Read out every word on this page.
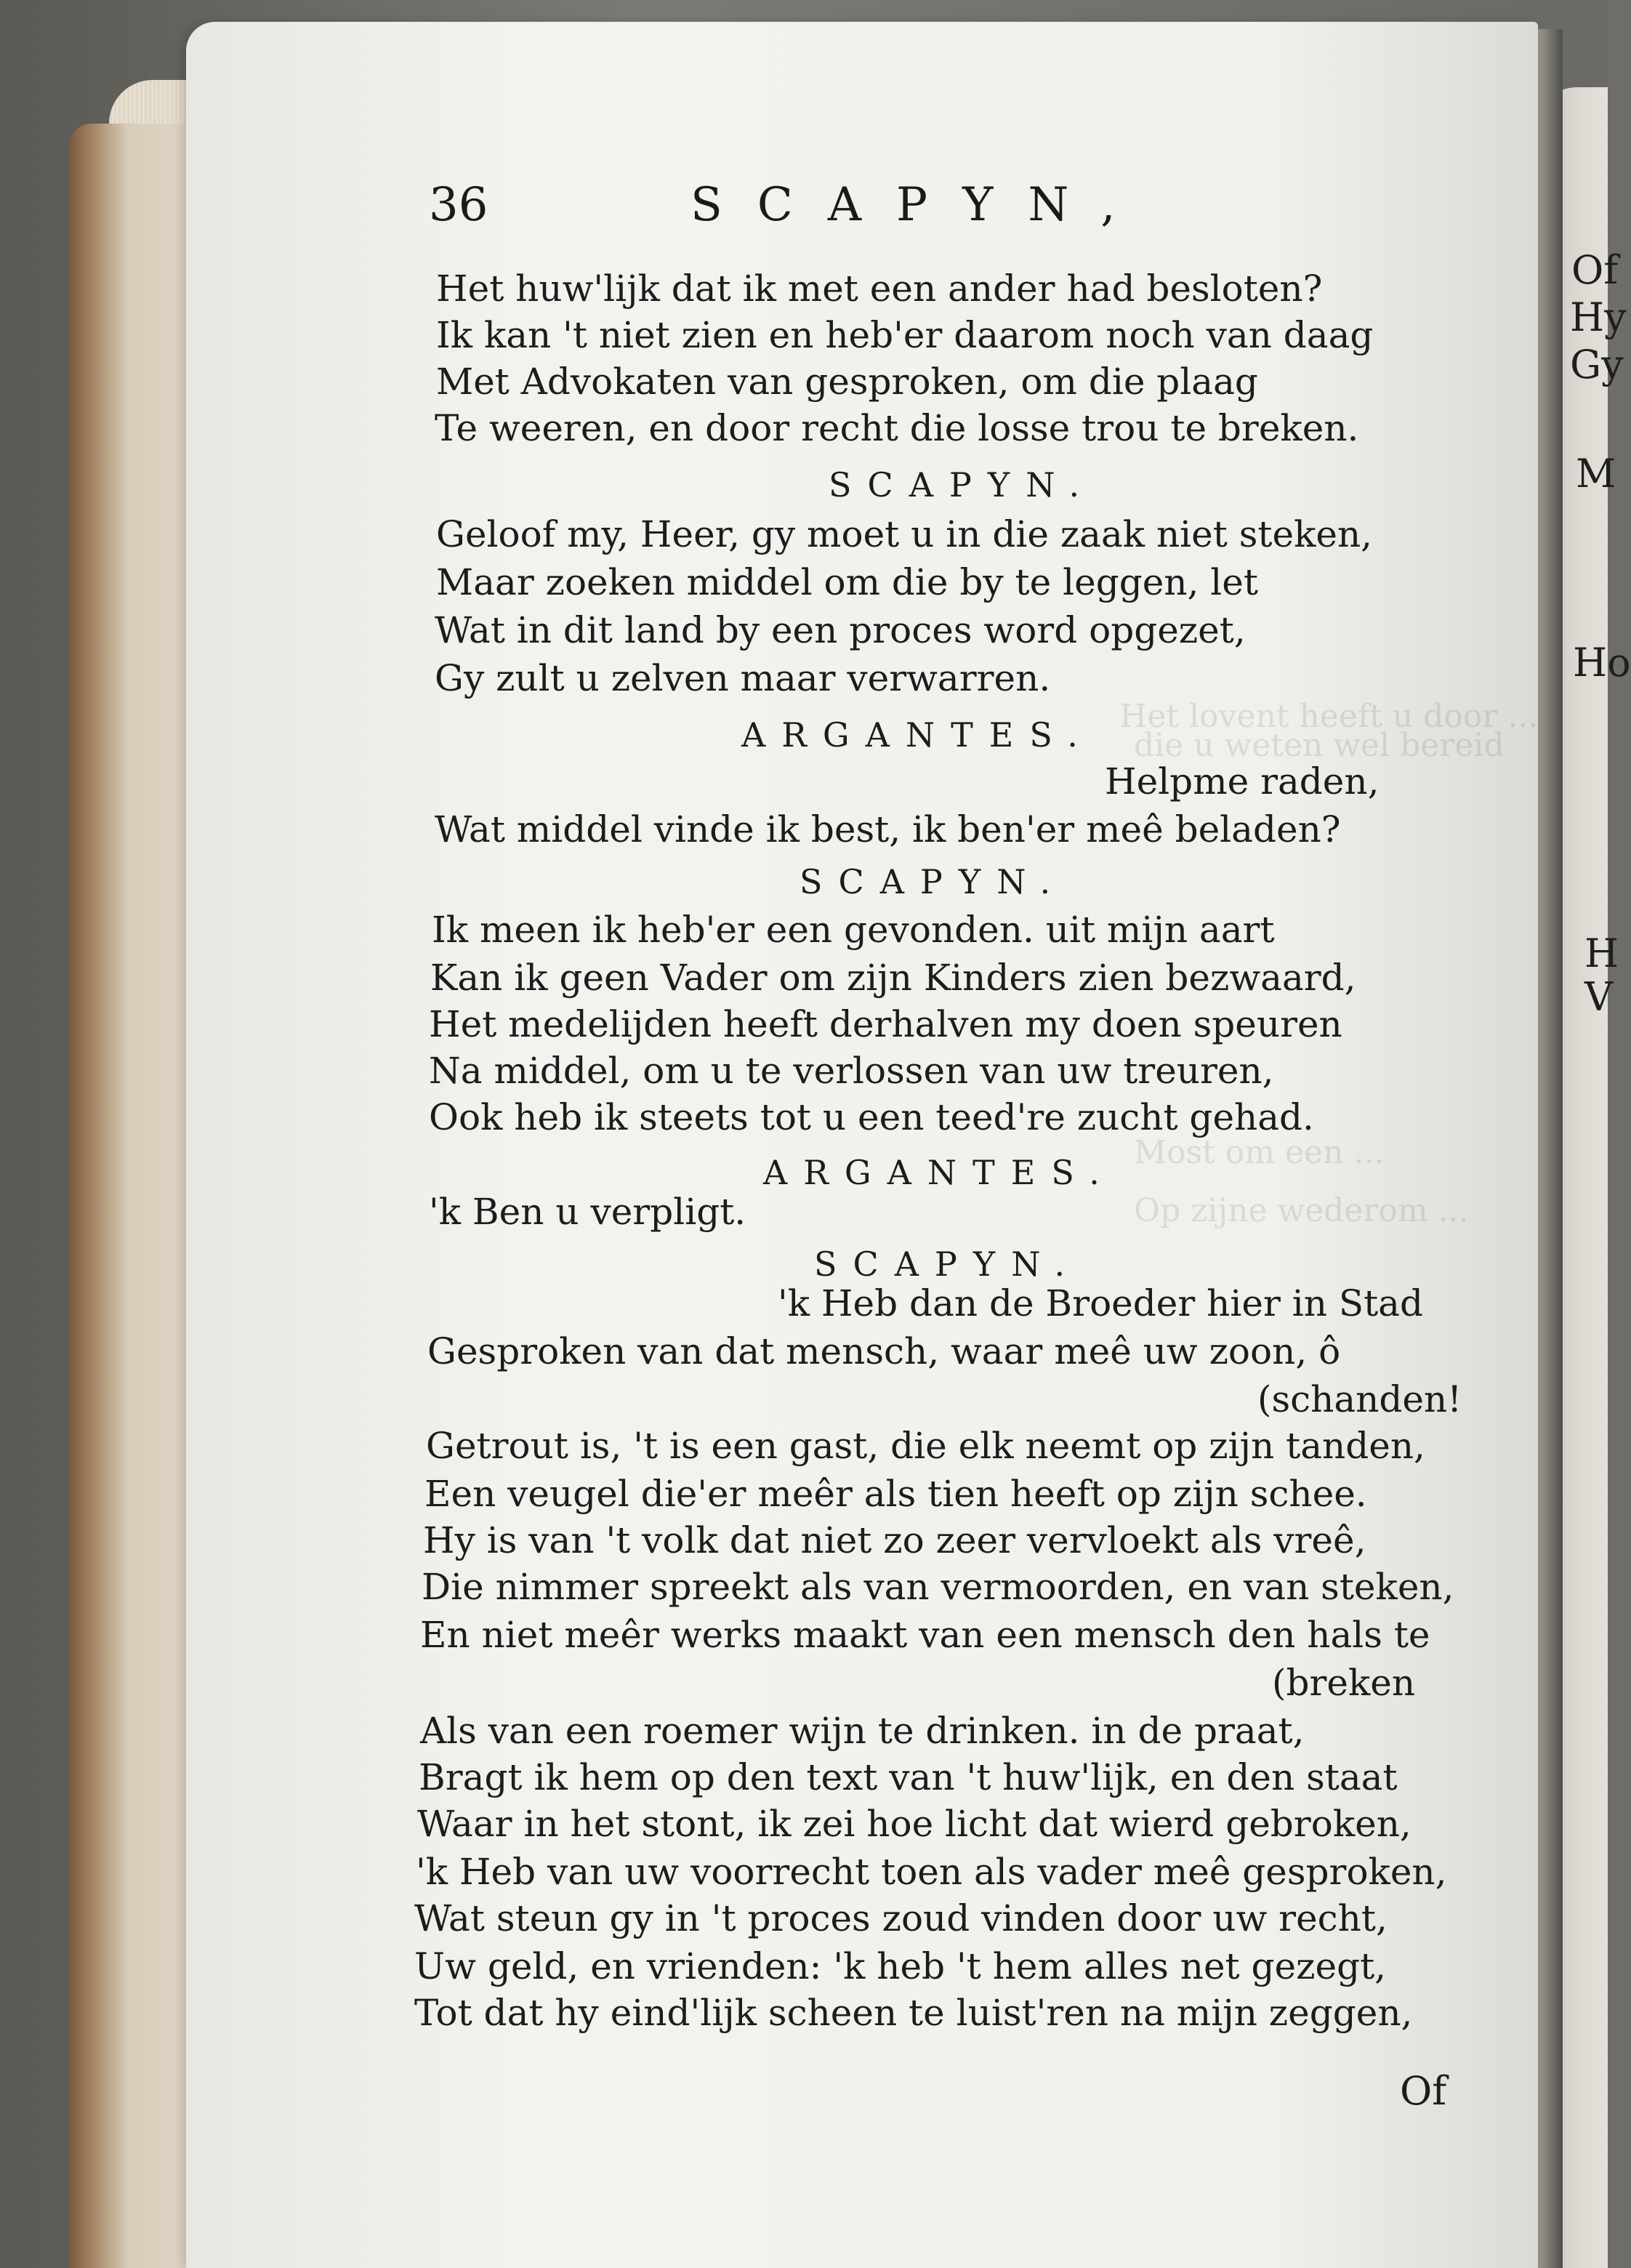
Het lovent heeft u door ...
die u weten wel bereid
Most om een ...
Op zijne wederom ...
36	SCAPYN,
Het huw'lijk dat ik met een ander had besloten?
Ik kan 't niet zien en heb'er daarom noch van daag
Met Advokaten van gesproken, om die plaag
Te weeren, en door recht die losse trou te breken.
SCAPYN.
Geloof my, Heer, gy moet u in die zaak niet steken,
Maar zoeken middel om die by te leggen, let
Wat in dit land by een proces word opgezet,
Gy zult u zelven maar verwarren.
ARGANTES.
Helpme raden,
Wat middel vinde ik best, ik ben'er meê beladen?
SCAPYN.
Ik meen ik heb'er een gevonden. uit mijn aart
Kan ik geen Vader om zijn Kinders zien bezwaard,
Het medelijden heeft derhalven my doen speuren
Na middel, om u te verlossen van uw treuren,
Ook heb ik steets tot u een teed're zucht gehad.
ARGANTES.
'k Ben u verpligt.
SCAPYN.
'k Heb dan de Broeder hier in Stad
Gesproken van dat mensch, waar meê uw zoon, ô
(schanden!
Getrout is, 't is een gast, die elk neemt op zijn tanden,
Een veugel die'er meêr als tien heeft op zijn schee.
Hy is van 't volk dat niet zo zeer vervloekt als vreê,
Die nimmer spreekt als van vermoorden, en van steken,
En niet meêr werks maakt van een mensch den hals te
(breken
Als van een roemer wijn te drinken. in de praat,
Bragt ik hem op den text van 't huw'lijk, en den staat
Waar in het stont, ik zei hoe licht dat wierd gebroken,
'k Heb van uw voorrecht toen als vader meê gesproken,
Wat steun gy in 't proces zoud vinden door uw recht,
Uw geld, en vrienden: 'k heb 't hem alles net gezegt,
Tot dat hy eind'lijk scheen te luist'ren na mijn zeggen,
Of
Of
Hy
Gy
M
Ho
H
V
